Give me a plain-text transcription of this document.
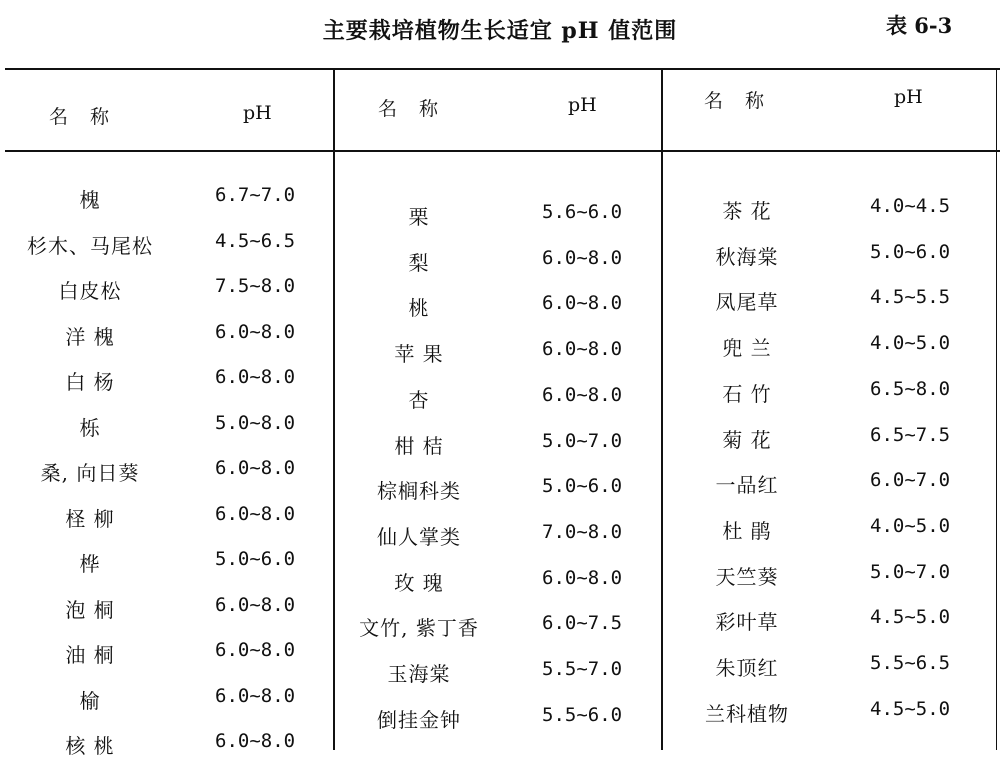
主要栽培植物生长适宜 pH 值范围	表 6-3
名称	pH
槐	6.7~7.0
杉木、马尾松	4.5~6.5
白皮松	7.5~8.0
洋 槐	6.0~8.0
白 杨	6.0~8.0
栎	5.0~8.0
桑, 向日葵	6.0~8.0
柽 柳	6.0~8.0
桦	5.0~6.0
泡 桐	6.0~8.0
油 桐	6.0~8.0
榆	6.0~8.0
核 桃	6.0~8.0
名称	pH
栗	5.6~6.0
梨	6.0~8.0
桃	6.0~8.0
苹 果	6.0~8.0
杏	6.0~8.0
柑 桔	5.0~7.0
棕榈科类	5.0~6.0
仙人掌类	7.0~8.0
玫 瑰	6.0~8.0
文竹, 紫丁香	6.0~7.5
玉海棠	5.5~7.0
倒挂金钟	5.5~6.0
名称	pH
茶 花	4.0~4.5
秋海棠	5.0~6.0
凤尾草	4.5~5.5
兜 兰	4.0~5.0
石 竹	6.5~8.0
菊 花	6.5~7.5
一品红	6.0~7.0
杜 鹃	4.0~5.0
天竺葵	5.0~7.0
彩叶草	4.5~5.0
朱顶红	5.5~6.5
兰科植物	4.5~5.0
